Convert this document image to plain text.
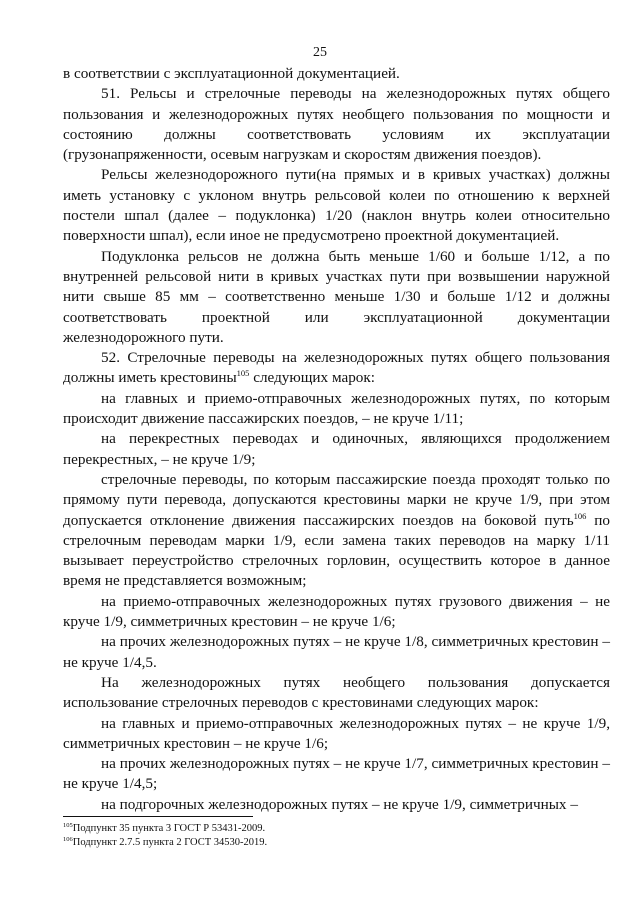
25

в соответствии с эксплуатационной документацией.

51. Рельсы и стрелочные переводы на железнодорожных путях общего пользования и железнодорожных путях необщего пользования по мощности и состоянию должны соответствовать условиям их эксплуатации (грузонапряженности, осевым нагрузкам и скоростям движения поездов).

Рельсы железнодорожного пути(на прямых и в кривых участках) должны иметь установку с уклоном внутрь рельсовой колеи по отношению к верхней постели шпал (далее – подуклонка) 1/20 (наклон внутрь колеи относительно поверхности шпал), если иное не предусмотрено проектной документацией.

Подуклонка рельсов не должна быть меньше 1/60 и больше 1/12, а по внутренней рельсовой нити в кривых участках пути при возвышении наружной нити свыше 85 мм – соответственно меньше 1/30 и больше 1/12 и должны соответствовать проектной или эксплуатационной документации железнодорожного пути.

52. Стрелочные переводы на железнодорожных путях общего пользования должны иметь крестовины$^{105}$ следующих марок:

на главных и приемо-отправочных железнодорожных путях, по которым происходит движение пассажирских поездов, – не круче 1/11;

на перекрестных переводах и одиночных, являющихся продолжением перекрестных, – не круче 1/9;

стрелочные переводы, по которым пассажирские поезда проходят только по прямому пути перевода, допускаются крестовины марки не круче 1/9, при этом допускается отклонение движения пассажирских поездов на боковой путь$^{106}$ по стрелочным переводам марки 1/9, если замена таких переводов на марку 1/11 вызывает переустройство стрелочных горловин, осуществить которое в данное время не представляется возможным;

на приемо-отправочных железнодорожных путях грузового движения – не круче 1/9, симметричных крестовин – не круче 1/6;

на прочих железнодорожных путях – не круче 1/8, симметричных крестовин – не круче 1/4,5.

На железнодорожных путях необщего пользования допускается использование стрелочных переводов с крестовинами следующих марок:

на главных и приемо-отправочных железнодорожных путях – не круче 1/9, симметричных крестовин – не круче 1/6;

на прочих железнодорожных путях – не круче 1/7, симметричных крестовин – не круче 1/4,5;

на подгорочных железнодорожных путях – не круче 1/9, симметричных –

$^{105}$Подпункт 35 пункта 3 ГОСТ Р 53431-2009.

$^{106}$Подпункт 2.7.5 пункта 2 ГОСТ 34530-2019.
